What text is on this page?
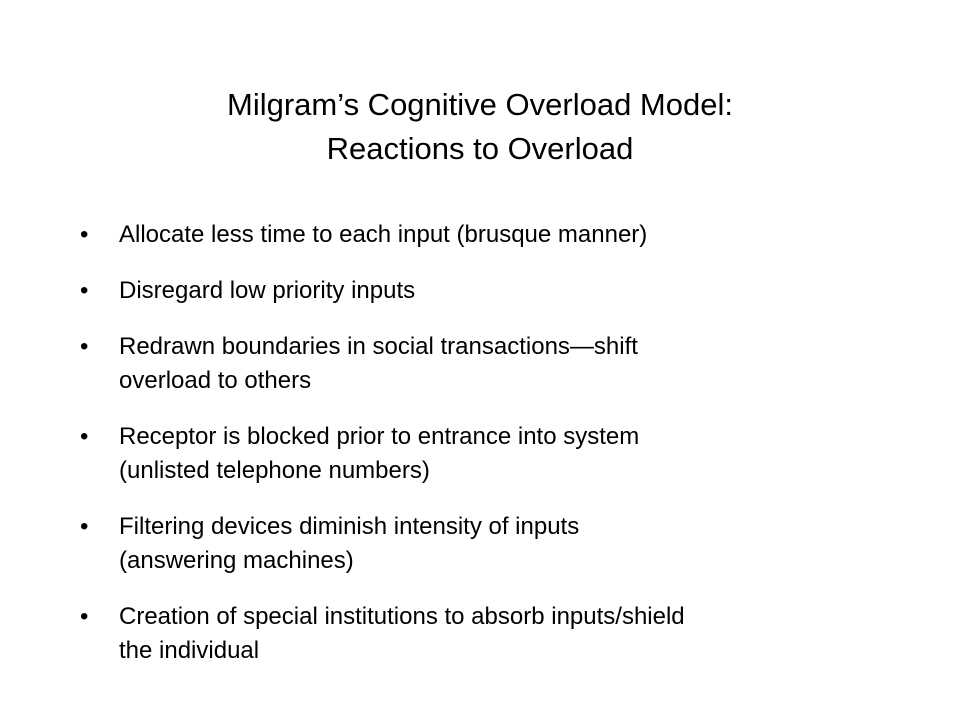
Milgram’s Cognitive Overload Model:
Reactions to Overload
• Allocate less time to each input (brusque manner)
• Disregard low priority inputs
• Redrawn boundaries in social transactions—shift
overload to others
• Receptor is blocked prior to entrance into system
(unlisted telephone numbers)
• Filtering devices diminish intensity of inputs
(answering machines)
• Creation of special institutions to absorb inputs/shield
the individual
